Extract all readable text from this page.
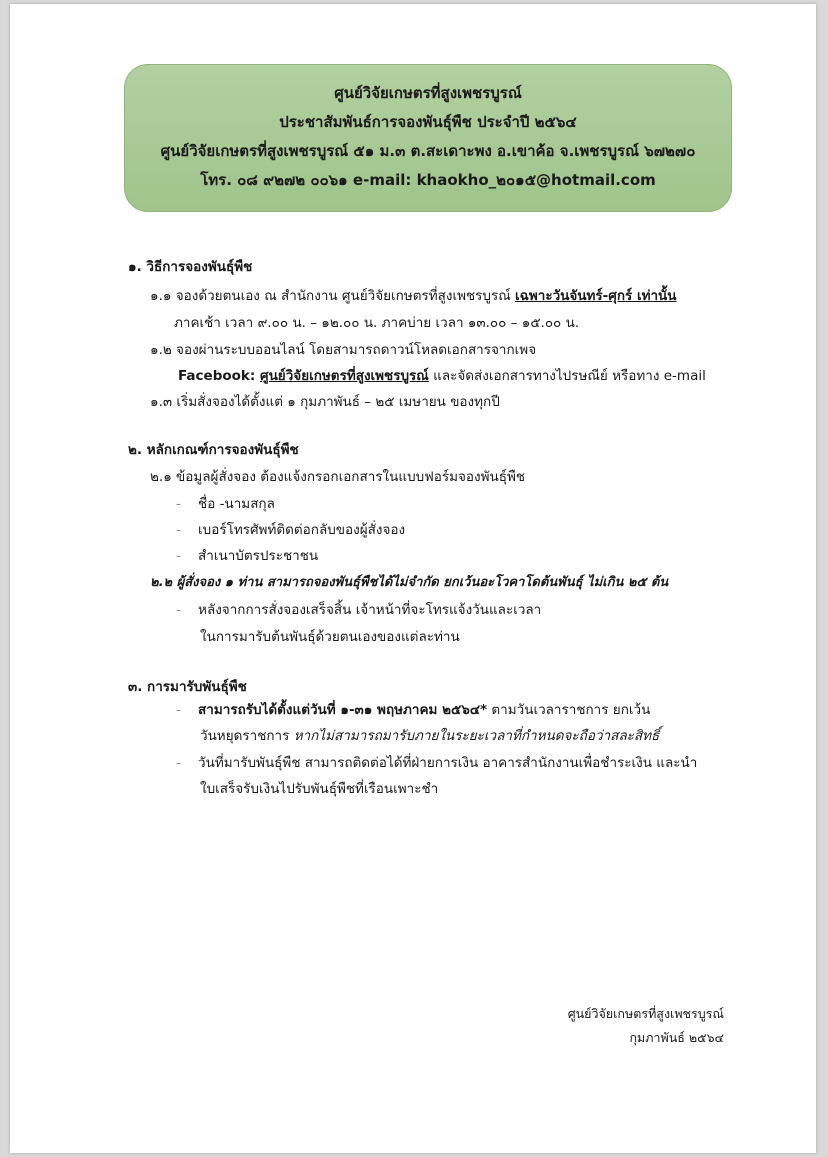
ศูนย์วิจัยเกษตรที่สูงเพชรบูรณ์
ประชาสัมพันธ์การจองพันธุ์พืช ประจำปี ๒๕๖๔
ศูนย์วิจัยเกษตรที่สูงเพชรบูรณ์ ๕๑ ม.๓ ต.สะเดาะพง อ.เขาค้อ จ.เพชรบูรณ์ ๖๗๒๗๐
โทร. ๐๘ ๙๒๗๒ ๐๐๖๑ e-mail: khaokho_๒๐๑๕@hotmail.com
๑. วิธีการจองพันธุ์พืช
๑.๑ จองด้วยตนเอง ณ สำนักงาน ศูนย์วิจัยเกษตรที่สูงเพชรบูรณ์ เฉพาะวันจันทร์-ศุกร์ เท่านั้น
ภาคเช้า เวลา ๙.๐๐ น. – ๑๒.๐๐ น. ภาคบ่าย เวลา ๑๓.๐๐ – ๑๕.๐๐ น.
๑.๒ จองผ่านระบบออนไลน์ โดยสามารถดาวน์โหลดเอกสารจากเพจ
Facebook: ศูนย์วิจัยเกษตรที่สูงเพชรบูรณ์ และจัดส่งเอกสารทางไปรษณีย์ หรือทาง e-mail
๑.๓ เริ่มสั่งจองได้ตั้งแต่ ๑ กุมภาพันธ์ – ๒๕ เมษายน ของทุกปี
๒. หลักเกณฑ์การจองพันธุ์พืช
๒.๑ ข้อมูลผู้สั่งจอง ต้องแจ้งกรอกเอกสารในแบบฟอร์มจองพันธุ์พืช
- ชื่อ -นามสกุล
- เบอร์โทรศัพท์ติดต่อกลับของผู้สั่งจอง
- สำเนาบัตรประชาชน
๒.๒ ผู้สั่งจอง ๑ ท่าน สามารถจองพันธุ์พืชได้ไม่จำกัด ยกเว้นอะโวคาโดต้นพันธุ์ ไม่เกิน ๒๕ ต้น
- หลังจากการสั่งจองเสร็จสิ้น เจ้าหน้าที่จะโทรแจ้งวันและเวลา
ในการมารับต้นพันธุ์ด้วยตนเองของแต่ละท่าน
๓. การมารับพันธุ์พืช
- สามารถรับได้ตั้งแต่วันที่ ๑-๓๑ พฤษภาคม ๒๕๖๔* ตามวันเวลาราชการ ยกเว้น
วันหยุดราชการ หากไม่สามารถมารับภายในระยะเวลาที่กำหนดจะถือว่าสละสิทธิ์
- วันที่มารับพันธุ์พืช สามารถติดต่อได้ที่ฝ่ายการเงิน อาคารสำนักงานเพื่อชำระเงิน และนำ
ใบเสร็จรับเงินไปรับพันธุ์พืชที่เรือนเพาะชำ
ศูนย์วิจัยเกษตรที่สูงเพชรบูรณ์
กุมภาพันธ์ ๒๕๖๔
